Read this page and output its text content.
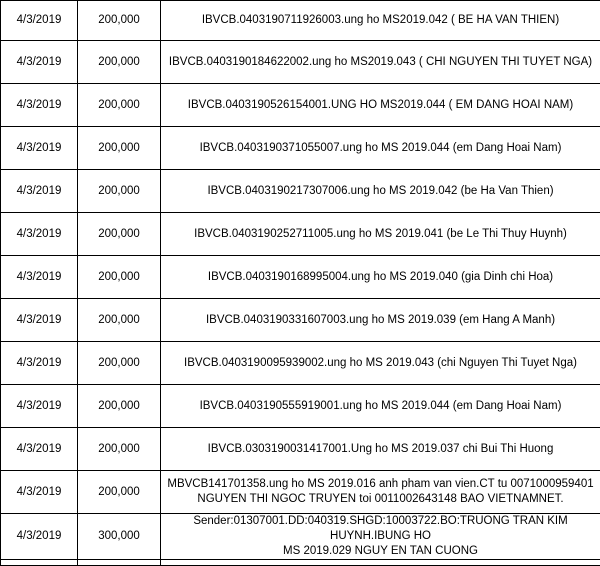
4/3/2019	200,000	IBVCB.0403190711926003.ung ho MS2019.042 ( BE HA VAN THIEN)
4/3/2019	200,000	IBVCB.0403190184622002.ung ho MS2019.043 ( CHI NGUYEN THI TUYET NGA)
4/3/2019	200,000	IBVCB.0403190526154001.UNG HO MS2019.044 ( EM DANG HOAI NAM)
4/3/2019	200,000	IBVCB.0403190371055007.ung ho MS 2019.044 (em Dang Hoai Nam)
4/3/2019	200,000	IBVCB.0403190217307006.ung ho MS 2019.042 (be Ha Van Thien)
4/3/2019	200,000	IBVCB.0403190252711005.ung ho MS 2019.041 (be Le Thi Thuy Huynh)
4/3/2019	200,000	IBVCB.0403190168995004.ung ho MS 2019.040 (gia Dinh chi Hoa)
4/3/2019	200,000	IBVCB.0403190331607003.ung ho MS 2019.039 (em Hang A Manh)
4/3/2019	200,000	IBVCB.0403190095939002.ung ho MS 2019.043 (chi Nguyen Thi Tuyet Nga)
4/3/2019	200,000	IBVCB.0403190555919001.ung ho MS 2019.044 (em Dang Hoai Nam)
4/3/2019	200,000	IBVCB.0303190031417001.Ung ho MS 2019.037 chi Bui Thi Huong
4/3/2019	200,000	MBVCB141701358.ung ho MS 2019.016 anh pham van vien.CT tu 0071000959401
NGUYEN THI NGOC TRUYEN toi 0011002643148 BAO VIETNAMNET.

4/3/2019	300,000	Sender:01307001.DD:040319.SHGD:10003722.BO:TRUONG TRAN KIM HUYNH.IBUNG HO
MS 2019.029 NGUY EN TAN CUONG
